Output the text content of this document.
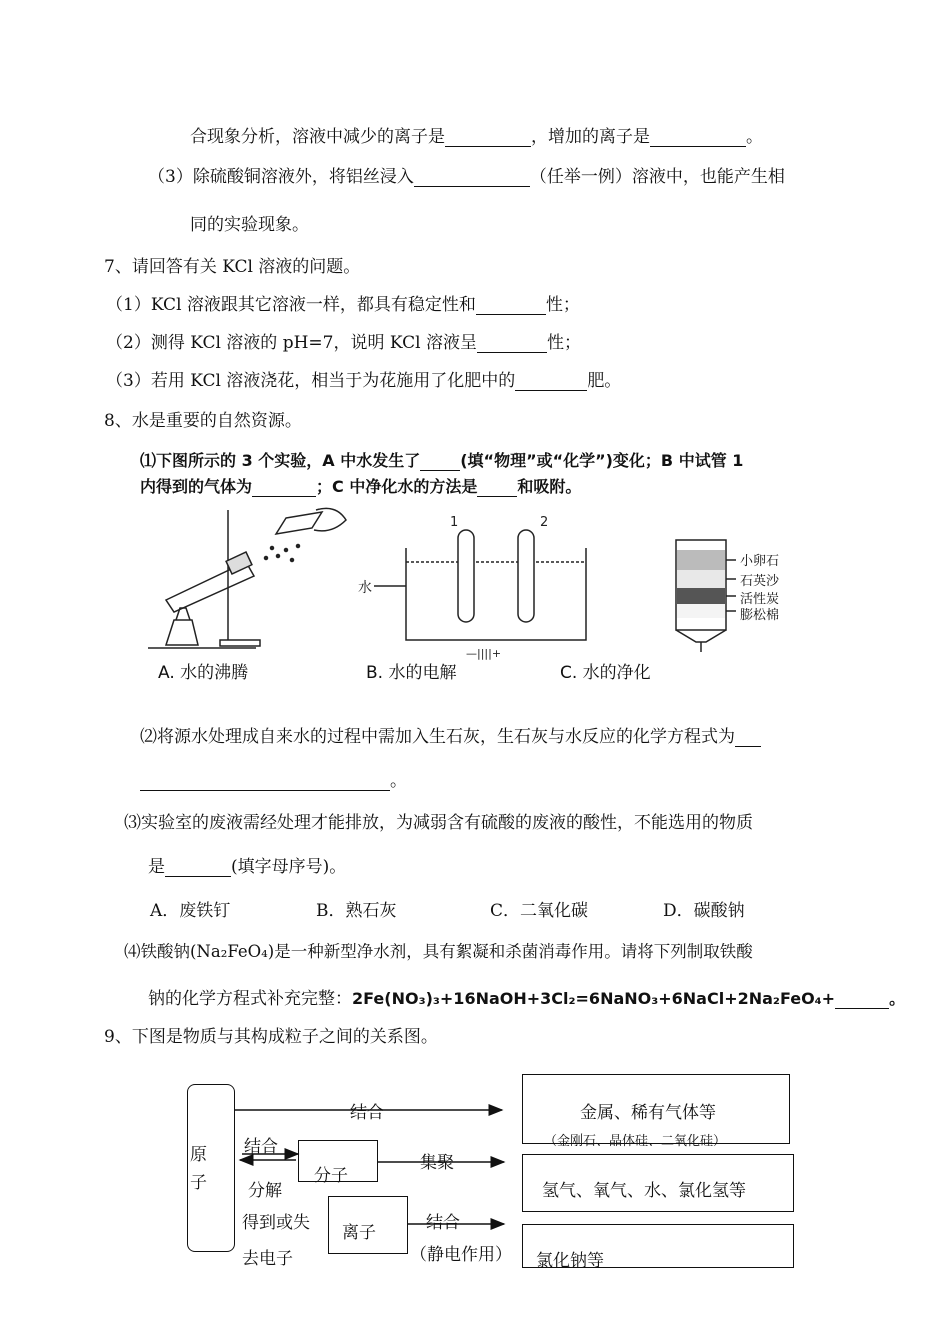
合现象分析，溶液中减少的离子是	，增加的离子是	。
（3）除硫酸铜溶液外，将铝丝浸入	（任举一例）溶液中，也能产生相
同的实验现象。
7、请回答有关 KCl 溶液的问题。
（1）KCl 溶液跟其它溶液一样，都具有稳定性和	性；
（2）测得 KCl 溶液的 pH=7，说明 KCl 溶液呈	性；
（3）若用 KCl 溶液浇花，相当于为花施用了化肥中的	肥。
8、水是重要的自然资源。
⑴下图所示的 3 个实验，A 中水发生了	(填“物理”或“化学”)变化；B 中试管 1
内得到的气体为	；C 中净化水的方法是	和吸附。
水
1	2
—||||+
小卵石
石英沙
活性炭
膨松棉
A. 水的沸腾	B. 水的电解	C. 水的净化
⑵将源水处理成自来水的过程中需加入生石灰，生石灰与水反应的化学方程式为
。
⑶实验室的废液需经处理才能排放，为减弱含有硫酸的废液的酸性，不能选用的物质
是	(填字母序号)。
A．废铁钉	B．熟石灰	C．二氧化碳	D．碳酸钠
⑷铁酸钠(Na₂FeO₄)是一种新型净水剂，具有絮凝和杀菌消毒作用。请将下列制取铁酸
钠的化学方程式补充完整：2Fe(NO₃)₃+16NaOH+3Cl₂=6NaNO₃+6NaCl+2Na₂FeO₄+	。
9、下图是物质与其构成粒子之间的关系图。
原
子	分子
离子
金属、稀有气体等
（金刚石、晶体硅、二氧化硅）
氢气、氧气、水、氯化氢等
氯化钠等
结合
结合
分解
集聚
得到或失
去电子
结合
（静电作用）
